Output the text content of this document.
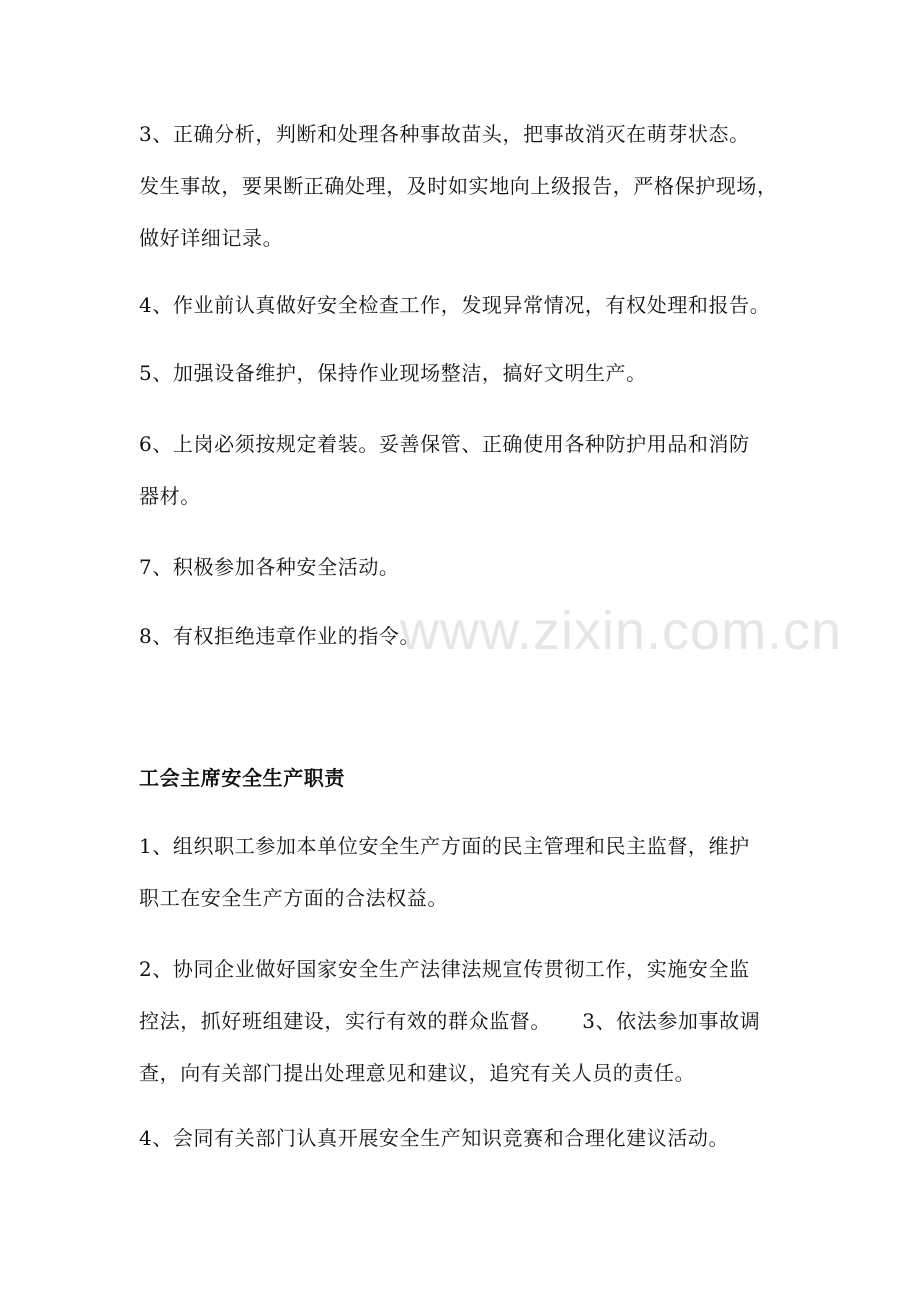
3、正确分析，判断和处理各种事故苗头，把事故消灭在萌芽状态。
发生事故，要果断正确处理，及时如实地向上级报告，严格保护现场，
做好详细记录。
4、作业前认真做好安全检查工作，发现异常情况，有权处理和报告。
5、加强设备维护，保持作业现场整洁，搞好文明生产。
6、上岗必须按规定着装。妥善保管、正确使用各种防护用品和消防
器材。
7、积极参加各种安全活动。
8、有权拒绝违章作业的指令。
工会主席安全生产职责
1、组织职工参加本单位安全生产方面的民主管理和民主监督，维护
职工在安全生产方面的合法权益。
2、协同企业做好国家安全生产法律法规宣传贯彻工作，实施安全监
控法，抓好班组建设，实行有效的群众监督。　　3、依法参加事故调
查，向有关部门提出处理意见和建议，追究有关人员的责任。
4、会同有关部门认真开展安全生产知识竞赛和合理化建议活动。
www.zixin.com.cn
